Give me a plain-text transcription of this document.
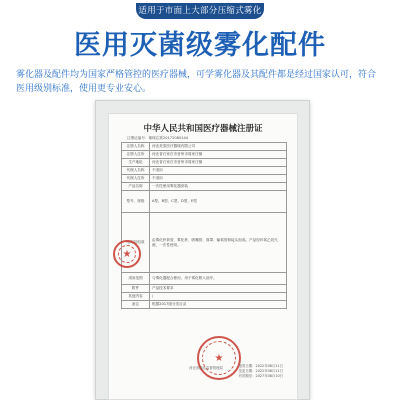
适用于市面上大部分压缩式雾化器
医用灭菌级雾化配件
雾化器及配件均为国家严格管控的医疗器械，可学雾化器及其配件都是经过国家认可，符合医用级别标准，使用更专业安心。
中华人民共和国医疗器械注册证
注册证编号：豫械注准20172080144
注册人名称	河北美泰医疗器械有限公司
注册人住所	河北省石家庄市晋州市周家庄镇
生产地址	河北省石家庄市晋州市周家庄镇
代理人名称	不适用
代理人住所	不适用
产品名称	一次性使用雾化器套装
型号、规格	A型、B型、C型、D型、E型
结构及组成	由雾化杯套管、雾化杯、吸嘴管、面罩、输氧管和接头组成。产品经环氧乙烷灭菌，一次性使用。
适用范围	与雾化器配合使用，用于雾化吸入治疗。
附件	产品技术要求
其他内容	/
备注	根据2017版分类目录
★
★
河北省药品监督管理局	批准日期：2022年08月11日
变更日期：2022年08月11日
有效期至：2027年08月10日
